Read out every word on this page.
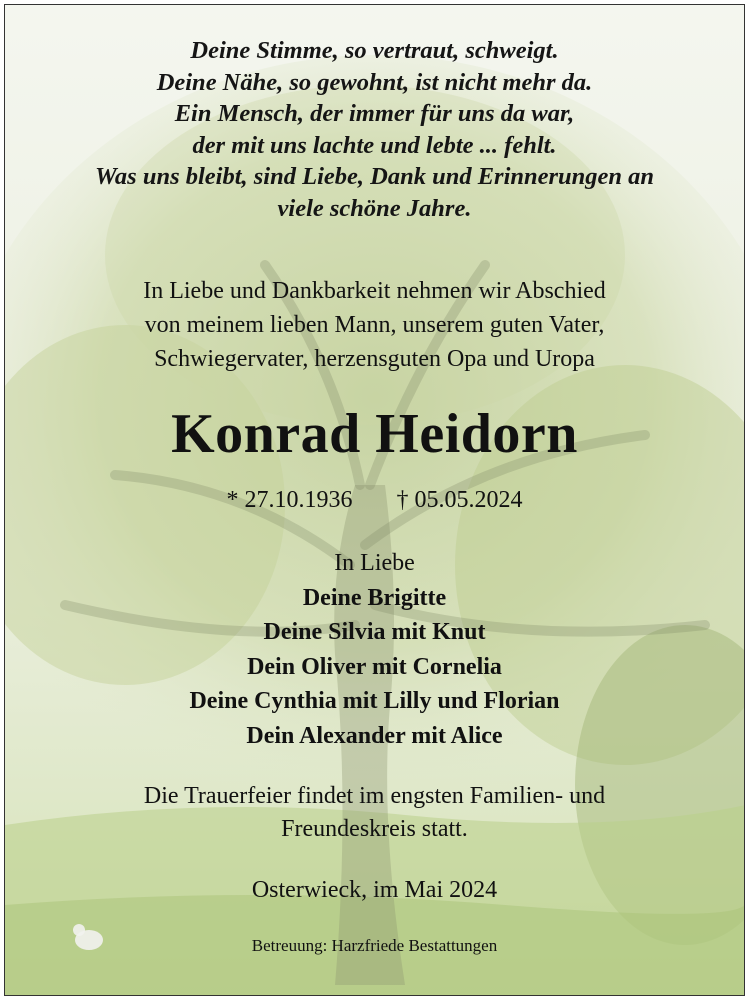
Deine Stimme, so vertraut, schweigt.
Deine Nähe, so gewohnt, ist nicht mehr da.
Ein Mensch, der immer für uns da war,
der mit uns lachte und lebte ... fehlt.
Was uns bleibt, sind Liebe, Dank und Erinnerungen an
viele schöne Jahre.
In Liebe und Dankbarkeit nehmen wir Abschied
von meinem lieben Mann, unserem guten Vater,
Schwiegervater, herzensguten Opa und Uropa
Konrad Heidorn
* 27.10.1936 † 05.05.2024
In Liebe
Deine Brigitte
Deine Silvia mit Knut
Dein Oliver mit Cornelia
Deine Cynthia mit Lilly und Florian
Dein Alexander mit Alice
Die Trauerfeier findet im engsten Familien- und
Freundeskreis statt.
Osterwieck, im Mai 2024
Betreuung: Harzfriede Bestattungen
